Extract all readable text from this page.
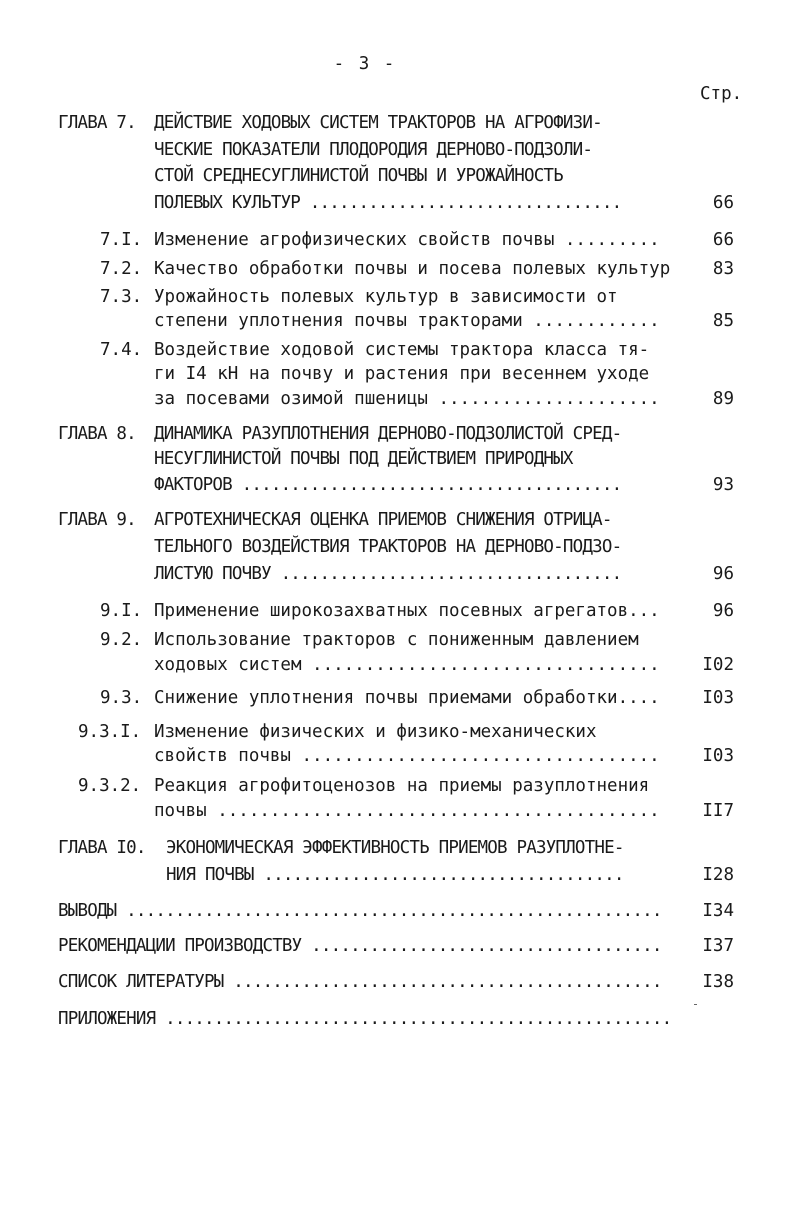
- 3 -
Стр.
ГЛАВА 7. ДЕЙСТВИЕ ХОДОВЫХ СИСТЕМ ТРАКТОРОВ НА АГРОФИЗИ-
ЧЕСКИЕ ПОКАЗАТЕЛИ ПЛОДОРОДИЯ ДЕРНОВО-ПОДЗОЛИ-
СТОЙ СРЕДНЕСУГЛИНИСТОЙ ПОЧВЫ И УРОЖАЙНОСТЬ
ПОЛЕВЫХ КУЛЬТУР ................................	66
7.I. Изменение агрофизических свойств почвы .........	66
7.2. Качество обработки почвы и посева полевых культур	83
7.3. Урожайность полевых культур в зависимости от
степени уплотнения почвы тракторами ............	85
7.4. Воздействие ходовой системы трактора класса тя-
ги I4 кН на почву и растения при весеннем уходе
за посевами озимой пшеницы .....................	89
ГЛАВА 8. ДИНАМИКА РАЗУПЛОТНЕНИЯ ДЕРНОВО-ПОДЗОЛИСТОЙ СРЕД-
НЕСУГЛИНИСТОЙ ПОЧВЫ ПОД ДЕЙСТВИЕМ ПРИРОДНЫХ
ФАКТОРОВ .......................................	93
ГЛАВА 9. АГРОТЕХНИЧЕСКАЯ ОЦЕНКА ПРИЕМОВ СНИЖЕНИЯ ОТРИЦА-
ТЕЛЬНОГО ВОЗДЕЙСТВИЯ ТРАКТОРОВ НА ДЕРНОВО-ПОДЗО-
ЛИСТУЮ ПОЧВУ ...................................	96
9.I. Применение широкозахватных посевных агрегатов...	96
9.2. Использование тракторов с пониженным давлением
ходовых систем .................................	I02
9.3. Снижение уплотнения почвы приемами обработки....	I03
9.3.I. Изменение физических и физико-механических
свойств почвы ..................................	I03
9.3.2. Реакция агрофитоценозов на приемы разуплотнения
почвы ..........................................	II7
ГЛАВА I0. ЭКОНОМИЧЕСКАЯ ЭФФЕКТИВНОСТЬ ПРИЕМОВ РАЗУПЛОТНЕ-
НИЯ ПОЧВЫ .....................................	I28
ВЫВОДЫ .......................................................	I34
РЕКОМЕНДАЦИИ ПРОИЗВОДСТВУ ....................................	I37
СПИСОК ЛИТЕРАТУРЫ ............................................	I38
ПРИЛОЖЕНИЯ ....................................................
